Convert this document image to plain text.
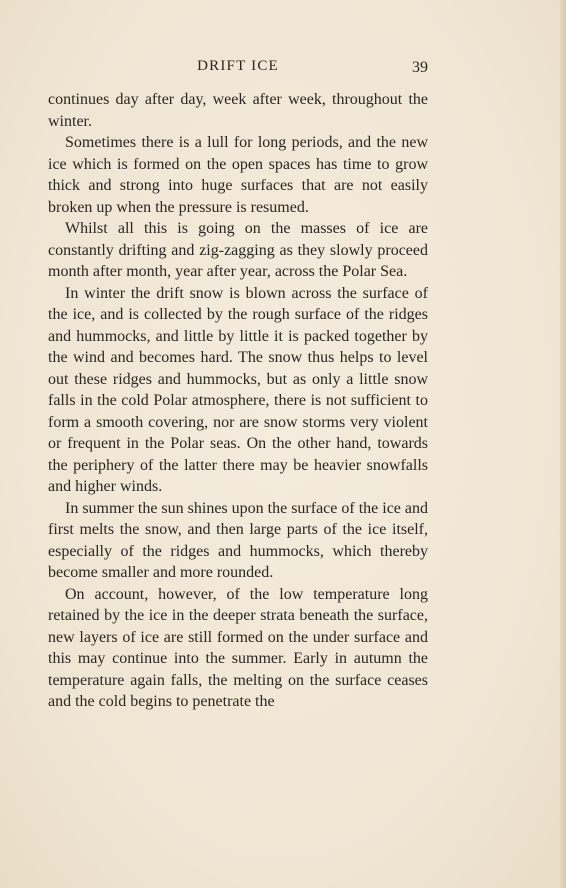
DRIFT ICE	39

continues day after day, week after week, throughout the winter.

Sometimes there is a lull for long periods, and the new ice which is formed on the open spaces has time to grow thick and strong into huge surfaces that are not easily broken up when the pressure is resumed.

Whilst all this is going on the masses of ice are constantly drifting and zig-zagging as they slowly proceed month after month, year after year, across the Polar Sea.

In winter the drift snow is blown across the surface of the ice, and is collected by the rough surface of the ridges and hummocks, and little by little it is packed together by the wind and becomes hard. The snow thus helps to level out these ridges and hummocks, but as only a little snow falls in the cold Polar atmosphere, there is not sufficient to form a smooth covering, nor are snow storms very violent or frequent in the Polar seas. On the other hand, towards the periphery of the latter there may be heavier snowfalls and higher winds.

In summer the sun shines upon the surface of the ice and first melts the snow, and then large parts of the ice itself, especially of the ridges and hummocks, which thereby become smaller and more rounded.

On account, however, of the low temperature long retained by the ice in the deeper strata beneath the surface, new layers of ice are still formed on the under surface and this may continue into the summer. Early in autumn the temperature again falls, the melting on the surface ceases and the cold begins to penetrate the
